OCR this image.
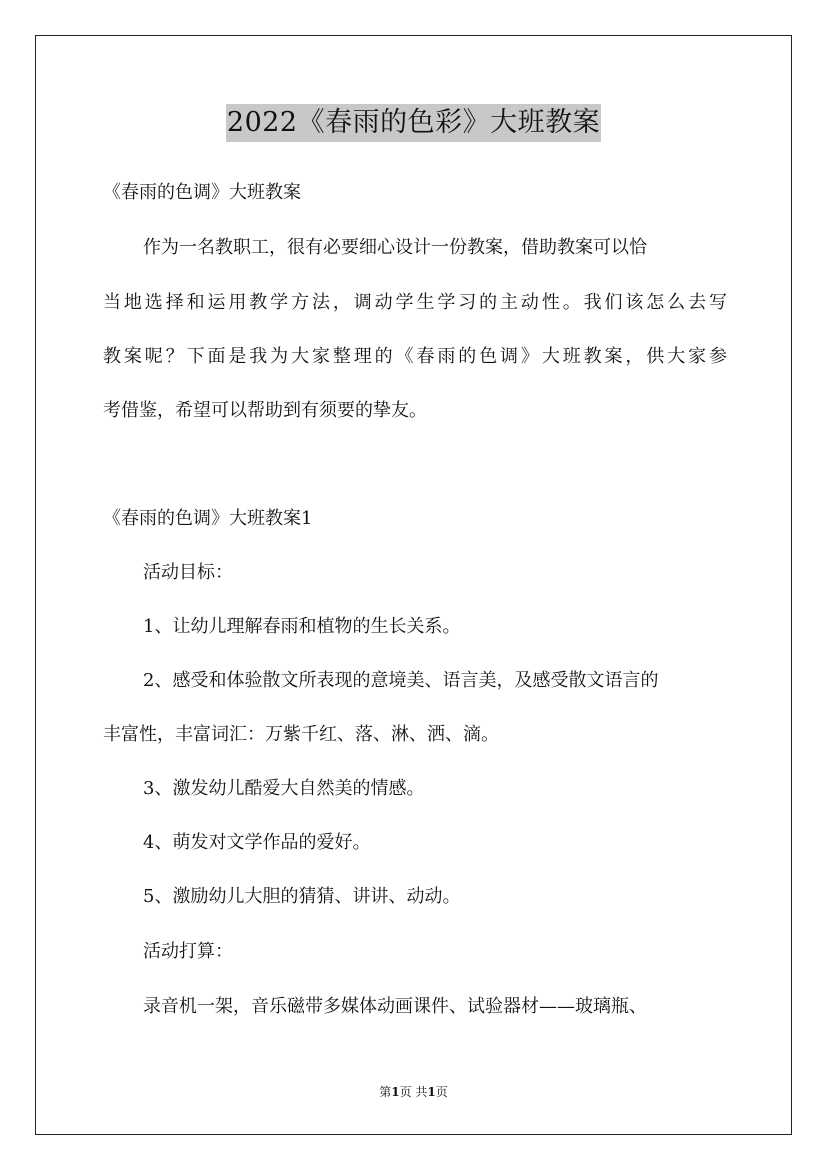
2022《春雨的色彩》大班教案
《春雨的色调》大班教案
作为一名教职工，很有必要细心设计一份教案，借助教案可以恰
当地选择和运用教学方法，调动学生学习的主动性。我们该怎么去写
教案呢？下面是我为大家整理的《春雨的色调》大班教案，供大家参
考借鉴，希望可以帮助到有须要的挚友。
《春雨的色调》大班教案1
活动目标：
1、让幼儿理解春雨和植物的生长关系。
2、感受和体验散文所表现的意境美、语言美，及感受散文语言的
丰富性，丰富词汇：万紫千红、落、淋、洒、滴。
3、激发幼儿酷爱大自然美的情感。
4、萌发对文学作品的爱好。
5、激励幼儿大胆的猜猜、讲讲、动动。
活动打算：
录音机一架，音乐磁带多媒体动画课件、试验器材——玻璃瓶、
第1页 共1页
